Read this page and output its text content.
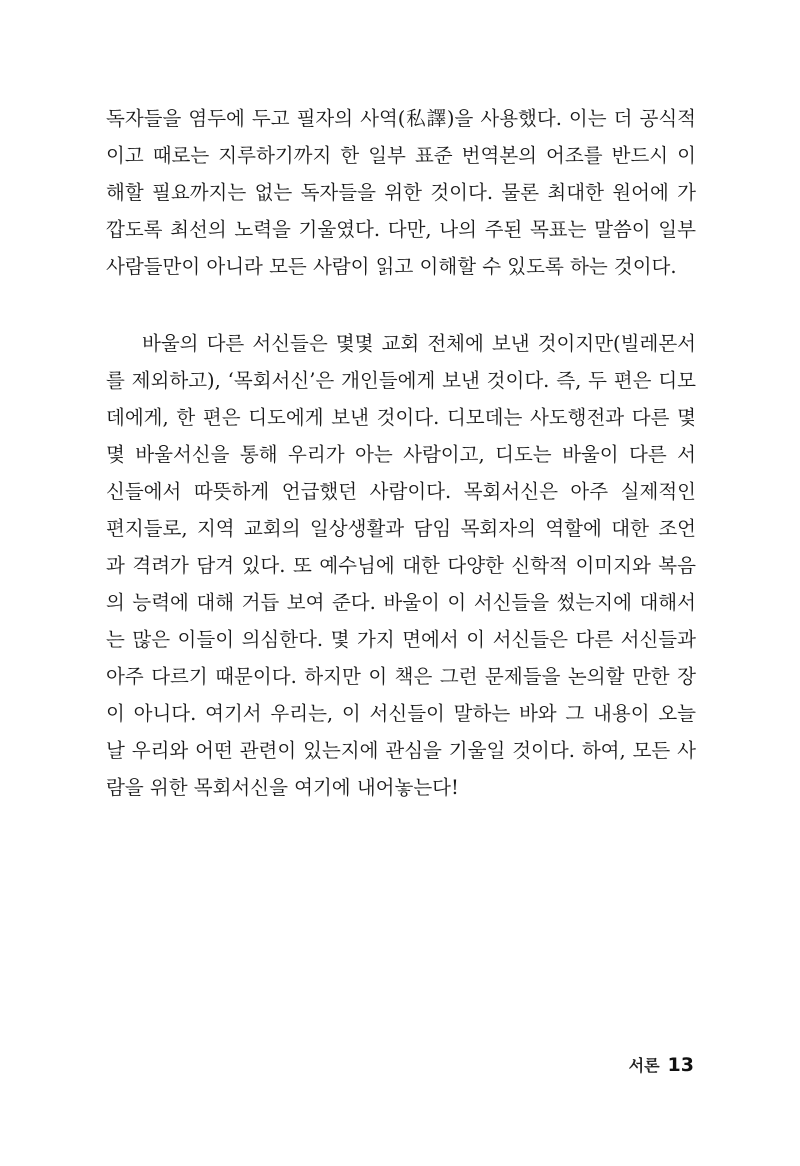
독자들을 염두에 두고 필자의 사역(私譯)을 사용했다. 이는 더 공식적
이고 때로는 지루하기까지 한 일부 표준 번역본의 어조를 반드시 이
해할 필요까지는 없는 독자들을 위한 것이다. 물론 최대한 원어에 가
깝도록 최선의 노력을 기울였다. 다만, 나의 주된 목표는 말씀이 일부
사람들만이 아니라 모든 사람이 읽고 이해할 수 있도록 하는 것이다.
바울의 다른 서신들은 몇몇 교회 전체에 보낸 것이지만(빌레몬서
를 제외하고), ‘목회서신’은 개인들에게 보낸 것이다. 즉, 두 편은 디모
데에게, 한 편은 디도에게 보낸 것이다. 디모데는 사도행전과 다른 몇
몇 바울서신을 통해 우리가 아는 사람이고, 디도는 바울이 다른 서
신들에서 따뜻하게 언급했던 사람이다. 목회서신은 아주 실제적인
편지들로, 지역 교회의 일상생활과 담임 목회자의 역할에 대한 조언
과 격려가 담겨 있다. 또 예수님에 대한 다양한 신학적 이미지와 복음
의 능력에 대해 거듭 보여 준다. 바울이 이 서신들을 썼는지에 대해서
는 많은 이들이 의심한다. 몇 가지 면에서 이 서신들은 다른 서신들과
아주 다르기 때문이다. 하지만 이 책은 그런 문제들을 논의할 만한 장
이 아니다. 여기서 우리는, 이 서신들이 말하는 바와 그 내용이 오늘
날 우리와 어떤 관련이 있는지에 관심을 기울일 것이다. 하여, 모든 사
람을 위한 목회서신을 여기에 내어놓는다!
서론 13
